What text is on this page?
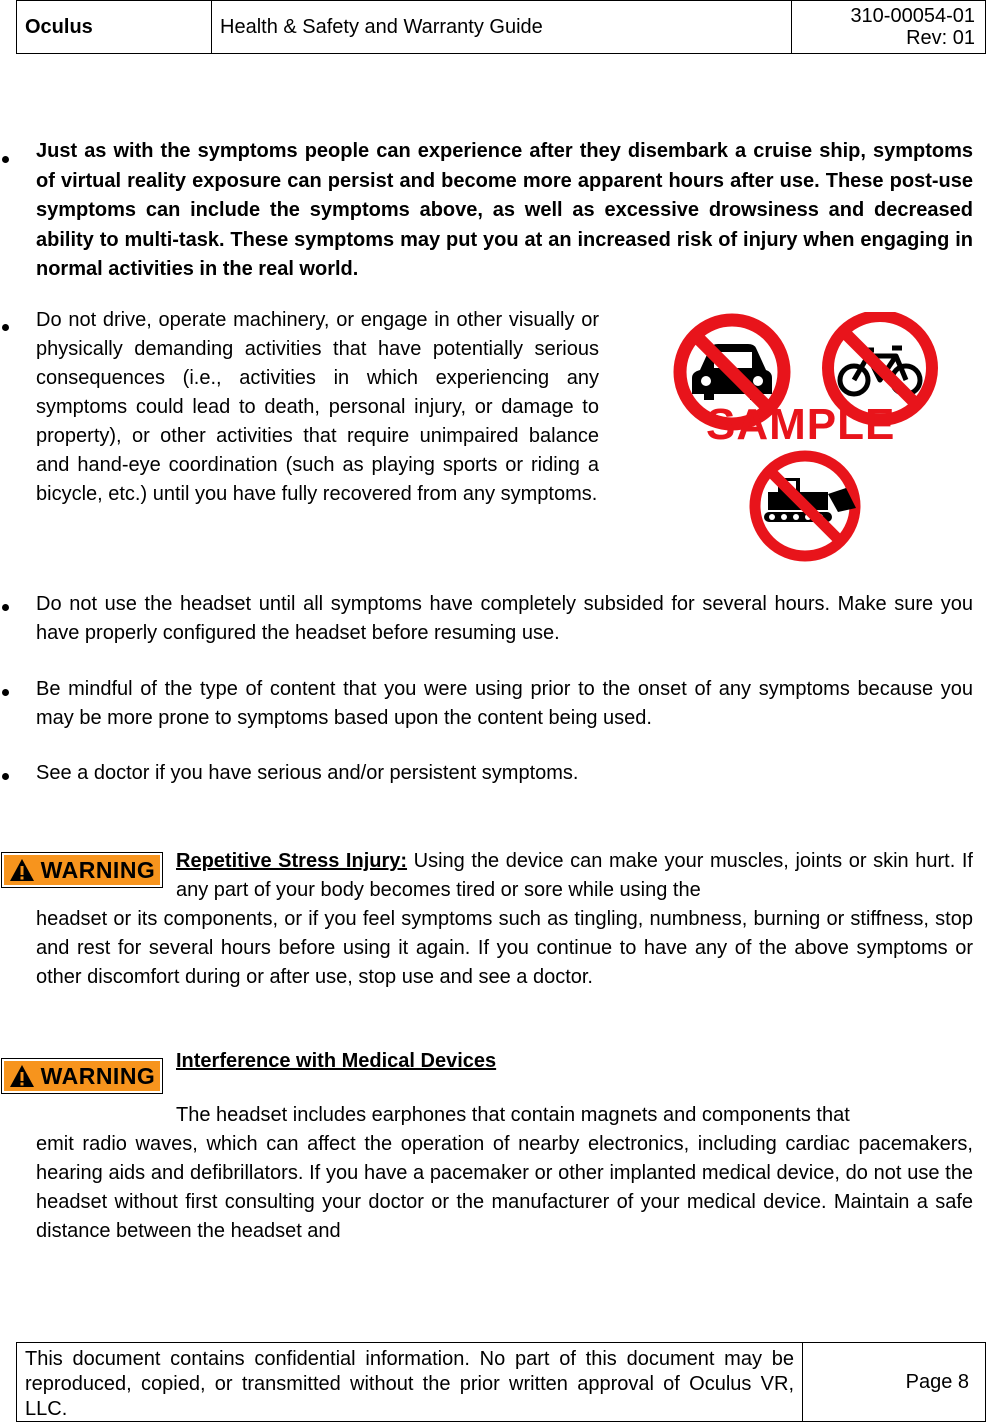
Oculus	Health & Safety and Warranty Guide	310-00054-01
Rev: 01
Just as with the symptoms people can experience after they disembark a cruise ship, symptoms of virtual reality exposure can persist and become more apparent hours after use. These post-use symptoms can include the symptoms above, as well as excessive drowsiness and decreased ability to multi-task. These symptoms may put you at an increased risk of injury when engaging in normal activities in the real world.
Do not drive, operate machinery, or engage in other visually or physically demanding activities that have potentially serious consequences (i.e., activities in which experiencing any symptoms could lead to death, personal injury, or damage to property), or other activities that require unimpaired balance and hand-eye coordination (such as playing sports or riding a bicycle, etc.) until you have fully recovered from any symptoms.
SAMPLE
Do not use the headset until all symptoms have completely subsided for several hours. Make sure you have properly configured the headset before resuming use.
Be mindful of the type of content that you were using prior to the onset of any symptoms because you may be more prone to symptoms based upon the content being used.
See a doctor if you have serious and/or persistent symptoms.
WARNING Repetitive Stress Injury: Using the device can make your muscles, joints or skin hurt. If any part of your body becomes tired or sore while using the
headset or its components, or if you feel symptoms such as tingling, numbness, burning or stiffness, stop and rest for several hours before using it again. If you continue to have any of the above symptoms or other discomfort during or after use, stop use and see a doctor.
WARNING
Interference with Medical Devices
The headset includes earphones that contain magnets and components that
emit radio waves, which can affect the operation of nearby electronics, including cardiac pacemakers, hearing aids and defibrillators. If you have a pacemaker or other implanted medical device, do not use the headset without first consulting your doctor or the manufacturer of your medical device. Maintain a safe distance between the headset and
This document contains confidential information. No part of this document may be reproduced, copied, or transmitted without the prior written approval of Oculus VR, LLC.
Page 8
